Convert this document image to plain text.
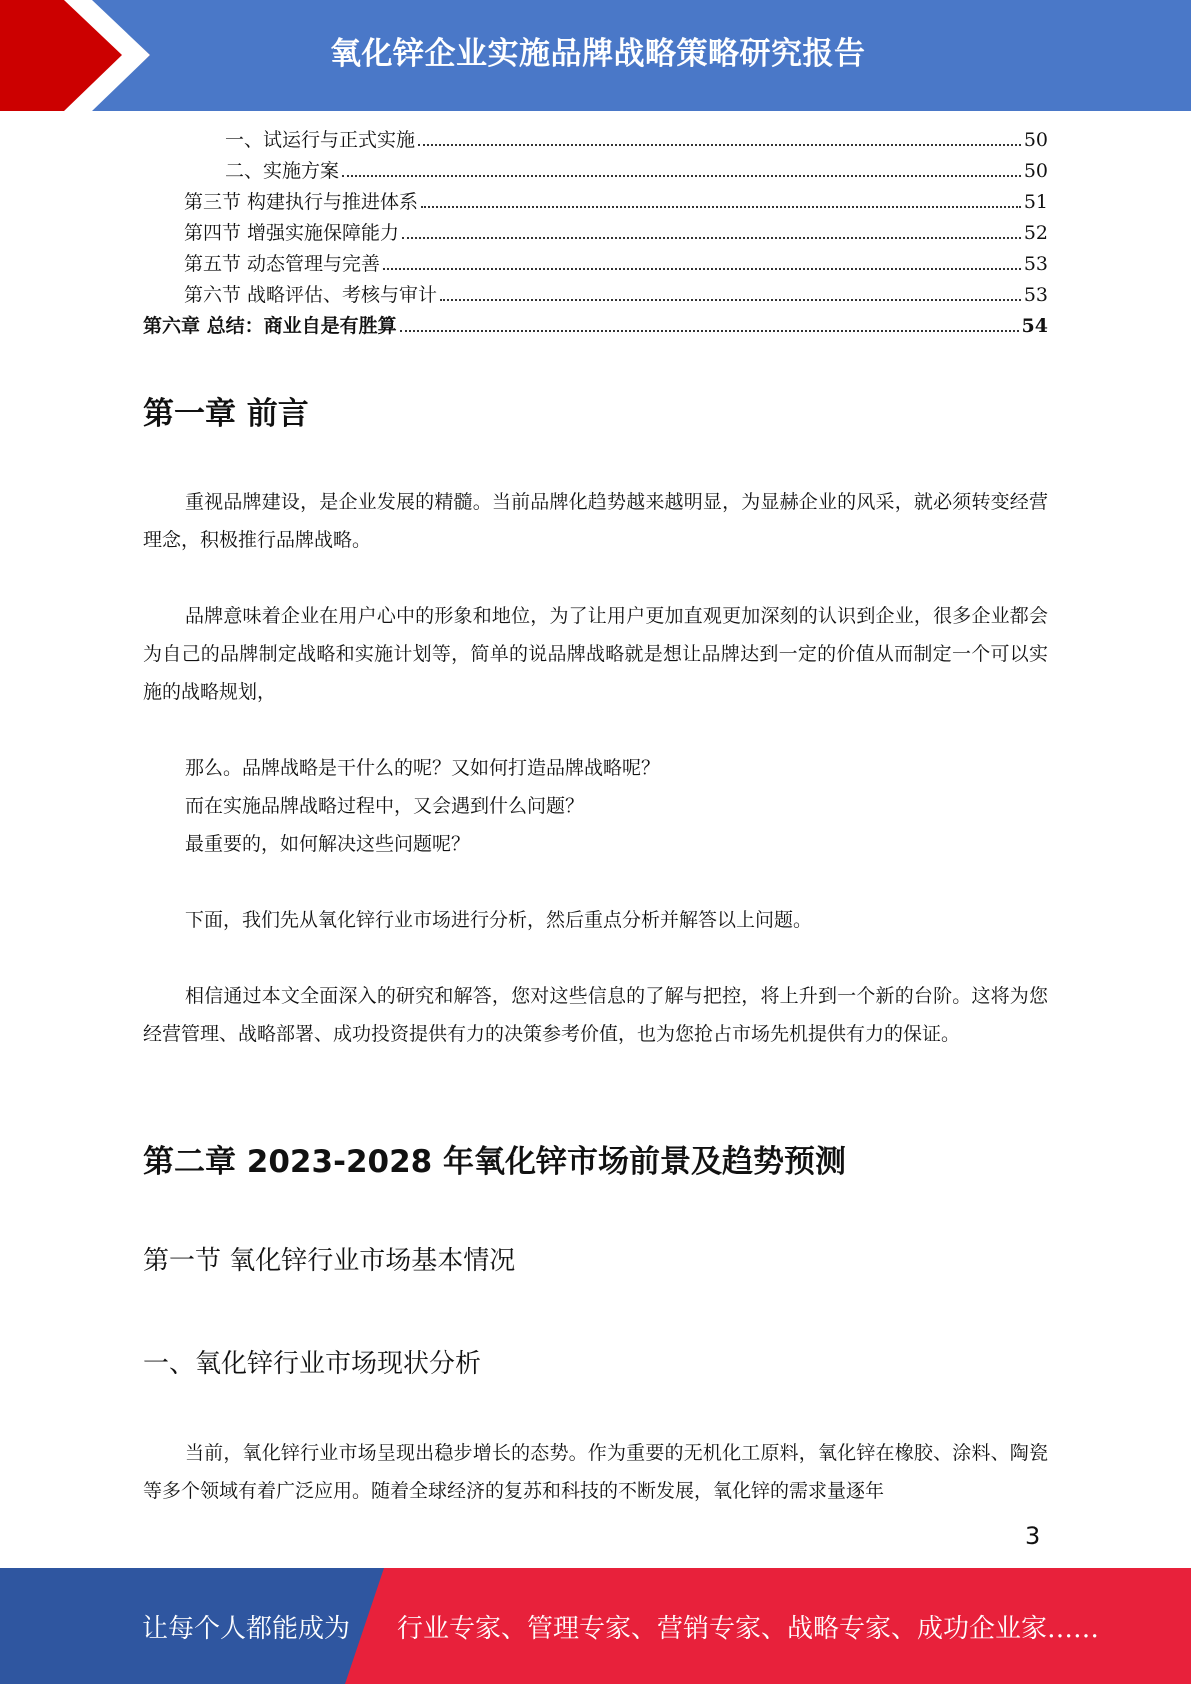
氧化锌企业实施品牌战略策略研究报告
一、试运行与正式实施	50
二、实施方案	50
第三节 构建执行与推进体系	51
第四节 增强实施保障能力	52
第五节 动态管理与完善	53
第六节 战略评估、考核与审计	53
第六章 总结：商业自是有胜算	54
第一章 前言

重视品牌建设，是企业发展的精髓。当前品牌化趋势越来越明显，为显赫企业的风采，就必须转变经营理念，积极推行品牌战略。

品牌意味着企业在用户心中的形象和地位，为了让用户更加直观更加深刻的认识到企业，很多企业都会为自己的品牌制定战略和实施计划等，简单的说品牌战略就是想让品牌达到一定的价值从而制定一个可以实施的战略规划，

那么。品牌战略是干什么的呢？又如何打造品牌战略呢？
而在实施品牌战略过程中，又会遇到什么问题？
最重要的，如何解决这些问题呢？

下面，我们先从氧化锌行业市场进行分析，然后重点分析并解答以上问题。

相信通过本文全面深入的研究和解答，您对这些信息的了解与把控，将上升到一个新的台阶。这将为您经营管理、战略部署、成功投资提供有力的决策参考价值，也为您抢占市场先机提供有力的保证。

第二章 2023-2028 年氧化锌市场前景及趋势预测
第一节 氧化锌行业市场基本情况
一、氧化锌行业市场现状分析

当前，氧化锌行业市场呈现出稳步增长的态势。作为重要的无机化工原料，氧化锌在橡胶、涂料、陶瓷等多个领域有着广泛应用。随着全球经济的复苏和科技的不断发展，氧化锌的需求量逐年

3
让每个人都能成为 行业专家、管理专家、营销专家、战略专家、成功企业家……
